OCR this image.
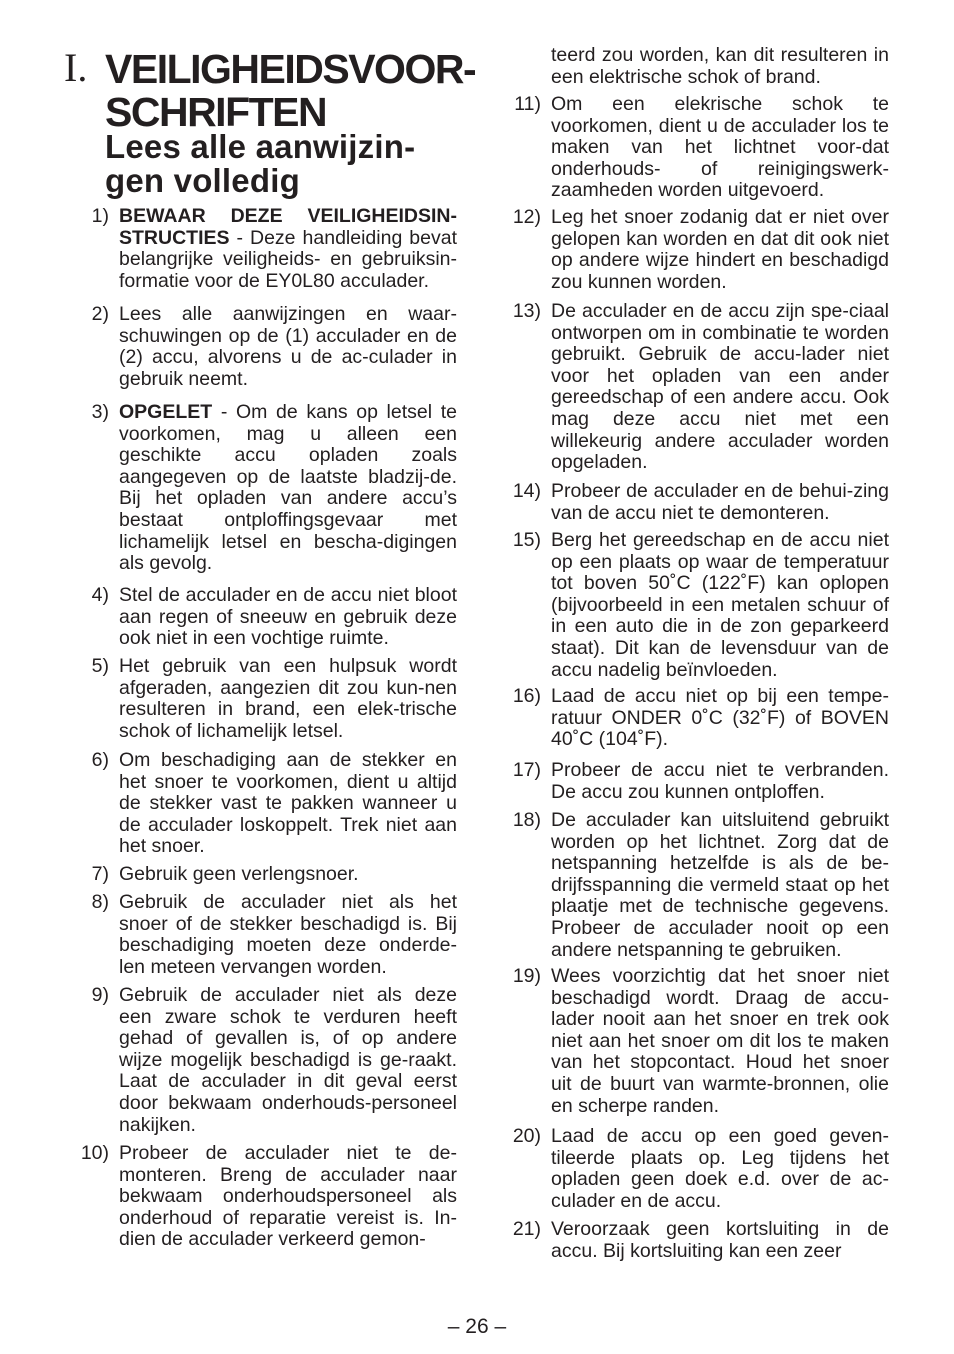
I. VEILIGHEIDSVOOR-
SCHRIFTEN
Lees alle aanwijzin-
gen volledig
teerd zou worden, kan dit resulteren in een elektrische schok of brand.
1) BEWAAR DEZE VEILIGHEIDSIN-STRUCTIES - Deze handleiding bevat belangrijke veiligheids- en gebruiksin-formatie voor de EY0L80 acculader.
2) Lees alle aanwijzingen en waar-schuwingen op de (1) acculader en de (2) accu, alvorens u de ac-culader in gebruik neemt.
3) OPGELET - Om de kans op letsel te voorkomen, mag u alleen een geschikte accu opladen zoals aangegeven op de laatste bladzij-de. Bij het opladen van andere accu’s bestaat ontploffingsgevaar met lichamelijk letsel en bescha-digingen als gevolg.
4) Stel de acculader en de accu niet bloot aan regen of sneeuw en gebruik deze ook niet in een vochtige ruimte.
5) Het gebruik van een hulpsuk wordt afgeraden, aangezien dit zou kun-nen resulteren in brand, een elek-trische schok of lichamelijk letsel.
6) Om beschadiging aan de stekker en het snoer te voorkomen, dient u altijd de stekker vast te pakken wanneer u de acculader loskoppelt. Trek niet aan het snoer.
7) Gebruik geen verlengsnoer.
8) Gebruik de acculader niet als het snoer of de stekker beschadigd is. Bij beschadiging moeten deze onderde-len meteen vervangen worden.
9) Gebruik de acculader niet als deze een zware schok te verduren heeft gehad of gevallen is, of op andere wijze mogelijk beschadigd is ge-raakt. Laat de acculader in dit geval eerst door bekwaam onderhouds-personeel nakijken.
10) Probeer de acculader niet te de-monteren. Breng de acculader naar bekwaam onderhoudspersoneel als onderhoud of reparatie vereist is. In-dien de acculader verkeerd gemon-
11) Om een elekrische schok te voorkomen, dient u de acculader los te maken van het lichtnet voor-dat onderhouds- of reinigingswerk-zaamheden worden uitgevoerd.
12) Leg het snoer zodanig dat er niet over gelopen kan worden en dat dit ook niet op andere wijze hindert en beschadigd zou kunnen worden.
13) De acculader en de accu zijn spe-ciaal ontworpen om in combinatie te worden gebruikt. Gebruik de accu-lader niet voor het opladen van een ander gereedschap of een andere accu. Ook mag deze accu niet met een willekeurig andere acculader worden opgeladen.
14) Probeer de acculader en de behui-zing van de accu niet te demonteren.
15) Berg het gereedschap en de accu niet op een plaats op waar de temperatuur tot boven 50˚C (122˚F) kan oplopen (bijvoorbeeld in een metalen schuur of in een auto die in de zon geparkeerd staat). Dit kan de levensduur van de accu nadelig beïnvloeden.
16) Laad de accu niet op bij een tempe-ratuur ONDER 0˚C (32˚F) of BOVEN 40˚C (104˚F).
17) Probeer de accu niet te verbranden. De accu zou kunnen ontploffen.
18) De acculader kan uitsluitend gebruikt worden op het lichtnet. Zorg dat de netspanning hetzelfde is als de be-drijfsspanning die vermeld staat op het plaatje met de technische gegevens. Probeer de acculader nooit op een andere netspanning te gebruiken.
19) Wees voorzichtig dat het snoer niet beschadigd wordt. Draag de accu-lader nooit aan het snoer en trek ook niet aan het snoer om dit los te maken van het stopcontact. Houd het snoer uit de buurt van warmte-bronnen, olie en scherpe randen.
20) Laad de accu op een goed geven-tileerde plaats op. Leg tijdens het opladen geen doek e.d. over de ac-culader en de accu.
21) Veroorzaak geen kortsluiting in de accu. Bij kortsluiting kan een zeer
– 26 –
